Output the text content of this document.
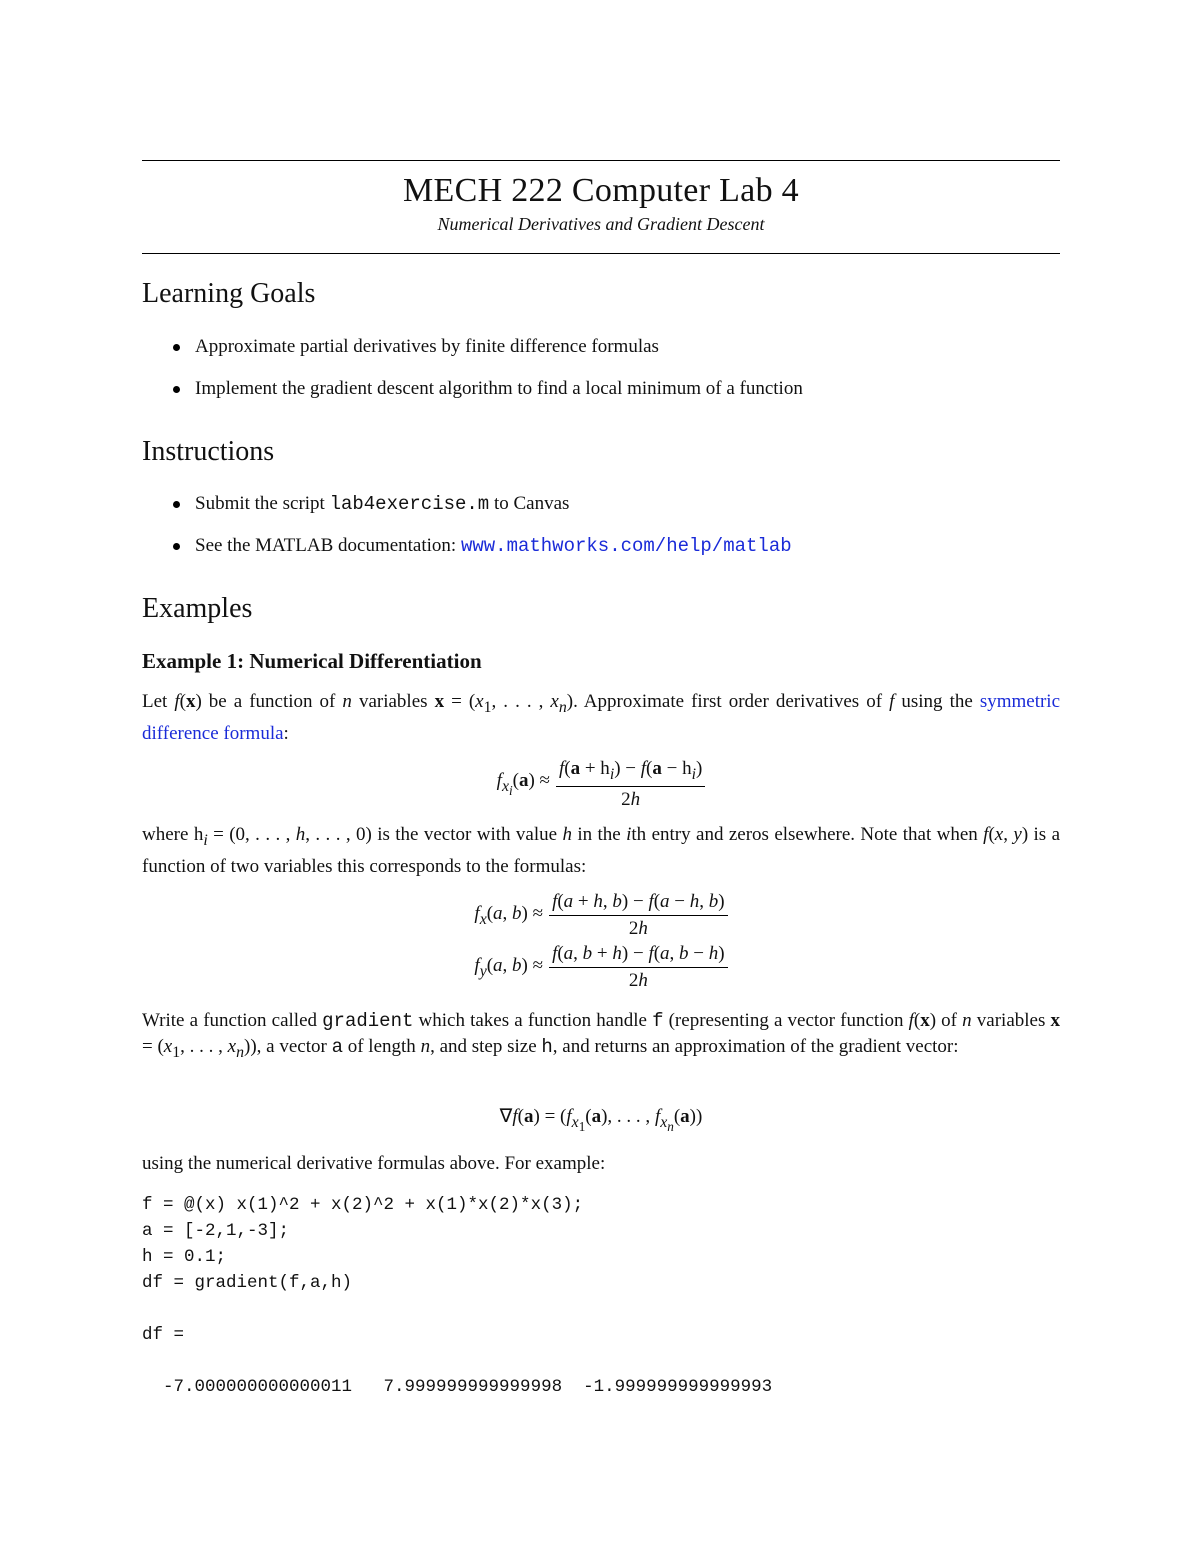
MECH 222 Computer Lab 4
Numerical Derivatives and Gradient Descent
Learning Goals
Approximate partial derivatives by finite difference formulas
Implement the gradient descent algorithm to find a local minimum of a function
Instructions
Submit the script lab4exercise.m to Canvas
See the MATLAB documentation: www.mathworks.com/help/matlab
Examples
Example 1: Numerical Differentiation
Let f(x) be a function of n variables $x = (x_1$, . . . , $x_n$). Approximate first order derivatives of f using the symmetric difference formula:
$f_{x_i}(a) \approx \frac{f(a + h_i) - f(a - h_i)}{2h}$
where $h_i = (0$, . . . , h, . . . , 0) is the vector with value h in the ith entry and zeros elsewhere. Note that when f(x, y) is a function of two variables this corresponds to the formulas:
$f_x(a$, $b) \approx \frac{f(a + h, b) - f(a - h, b)}{2h}$
$f_y(a$, $b) \approx \frac{f(a, b + h) - f(a, b - h)}{2h}$
Write a function called gradient which takes a function handle f (representing a vector function f(x) of n variables $x = (x_1$, . . . , $x_n$)), a vector a of length n, and step size h, and returns an approximation of the gradient vector:
$\nabla f(a) = (f_{x_1}(a)$, . . . , $f_{x_n}(a)$)
using the numerical derivative formulas above. For example:
f = @(x) x(1)^2 + x(2)^2 + x(1)*x(2)*x(3);
a = [-2,1,-3];
h = 0.1;
df = gradient(f,a,h)

df =

-7.000000000000011   7.999999999999998  -1.999999999999993
